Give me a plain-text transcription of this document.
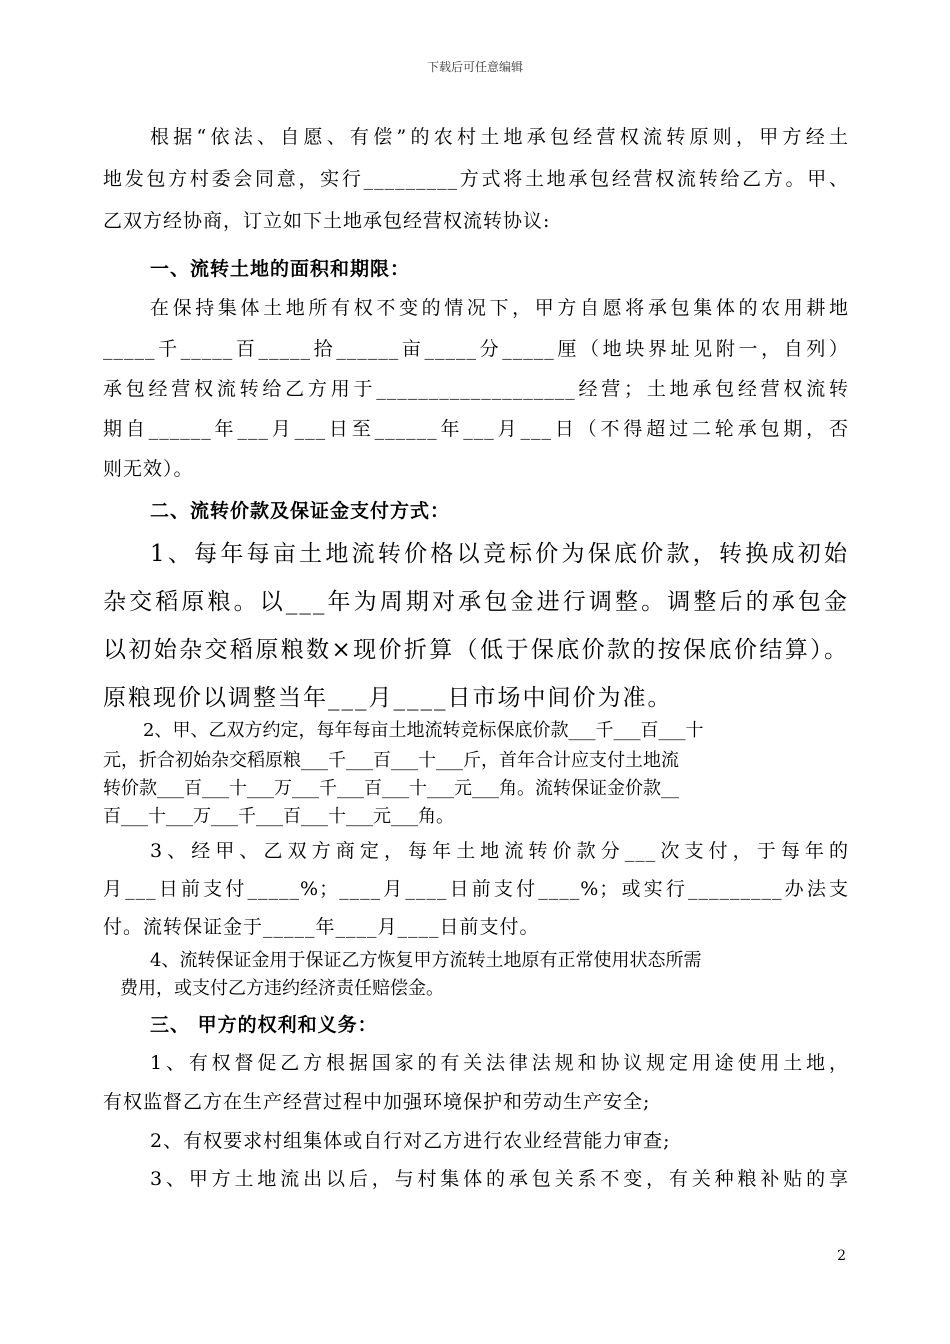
下载后可任意编辑
根据“依法、自愿、有偿”的农村土地承包经营权流转原则，甲方经土
地发包方村委会同意，实行_________方式将土地承包经营权流转给乙方。甲、
乙双方经协商，订立如下土地承包经营权流转协议:
一、流转土地的面积和期限：
在保持集体土地所有权不变的情况下，甲方自愿将承包集体的农用耕地
_____千_____百_____拾______亩_____分_____厘（地块界址见附一，自列）
承包经营权流转给乙方用于___________________经营；土地承包经营权流转
期自______年___月___日至______年___月___日（不得超过二轮承包期，否
则无效）。
二、流转价款及保证金支付方式：
1、每年每亩土地流转价格以竞标价为保底价款，转换成初始
杂交稻原粮。以___年为周期对承包金进行调整。调整后的承包金
以初始杂交稻原粮数×现价折算（低于保底价款的按保底价结算）。
原粮现价以调整当年___月____日市场中间价为准。
2、甲、乙双方约定，每年每亩土地流转竞标保底价款___千___百___十
元，折合初始杂交稻原粮___千___百___十___斤，首年合计应支付土地流
转价款___百___十___万___千___百___十___元___角。流转保证金价款__
百___十___万___千___百___十___元___角。
3、经甲、乙双方商定，每年土地流转价款分___次支付，于每年的
月___日前支付_____%；____月____日前支付____%；或实行_________办法支
付。流转保证金于_____年____月____日前支付。
4、流转保证金用于保证乙方恢复甲方流转土地原有正常使用状态所需
费用，或支付乙方违约经济责任赔偿金。
三、 甲方的权利和义务：
1、有权督促乙方根据国家的有关法律法规和协议规定用途使用土地，
有权监督乙方在生产经营过程中加强环境保护和劳动生产安全;
2、有权要求村组集体或自行对乙方进行农业经营能力审查;
3、甲方土地流出以后，与村集体的承包关系不变，有关种粮补贴的享
2
